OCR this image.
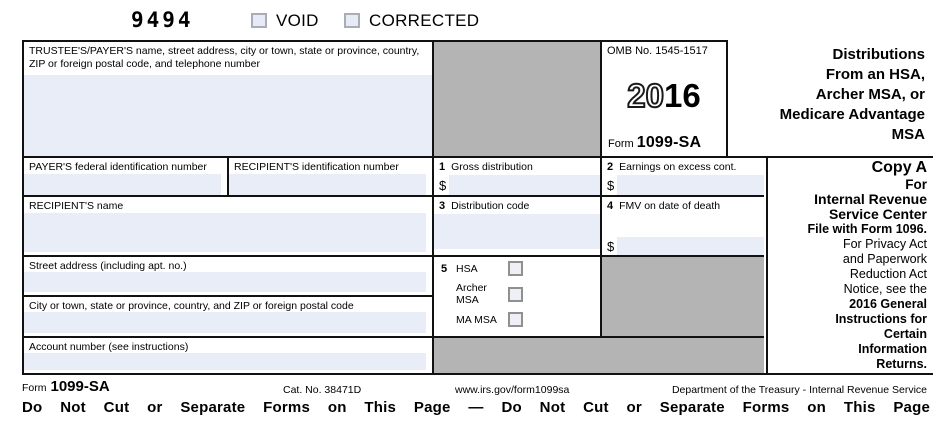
9494	VOID	CORRECTED
TRUSTEE'S/PAYER'S name, street address, city or town, state or province, country, ZIP or foreign postal code, and telephone number
OMB No. 1545-1517
2016
Form 1099-SA
Distributions
From an HSA,
Archer MSA, or
Medicare Advantage
MSA
PAYER'S federal identification number	RECIPIENT'S identification number	1 Gross distribution
$
2 Earnings on excess cont.
$
RECIPIENT'S name	3 Distribution code	4 FMV on date of death
$
Street address (including apt. no.)
City or town, state or province, country, and ZIP or foreign postal code
Account number (see instructions)
5 HSA
Archer MSA
MA MSA
Copy A
For
Internal Revenue
Service Center
File with Form 1096.
For Privacy Act
and Paperwork
Reduction Act
Notice, see the
2016 General
Instructions for
Certain
Information
Returns.
Form 1099-SA	Cat. No. 38471D	www.irs.gov/form1099sa	Department of the Treasury - Internal Revenue Service
Do Not Cut or Separate Forms on This Page — Do Not Cut or Separate Forms on This Page
